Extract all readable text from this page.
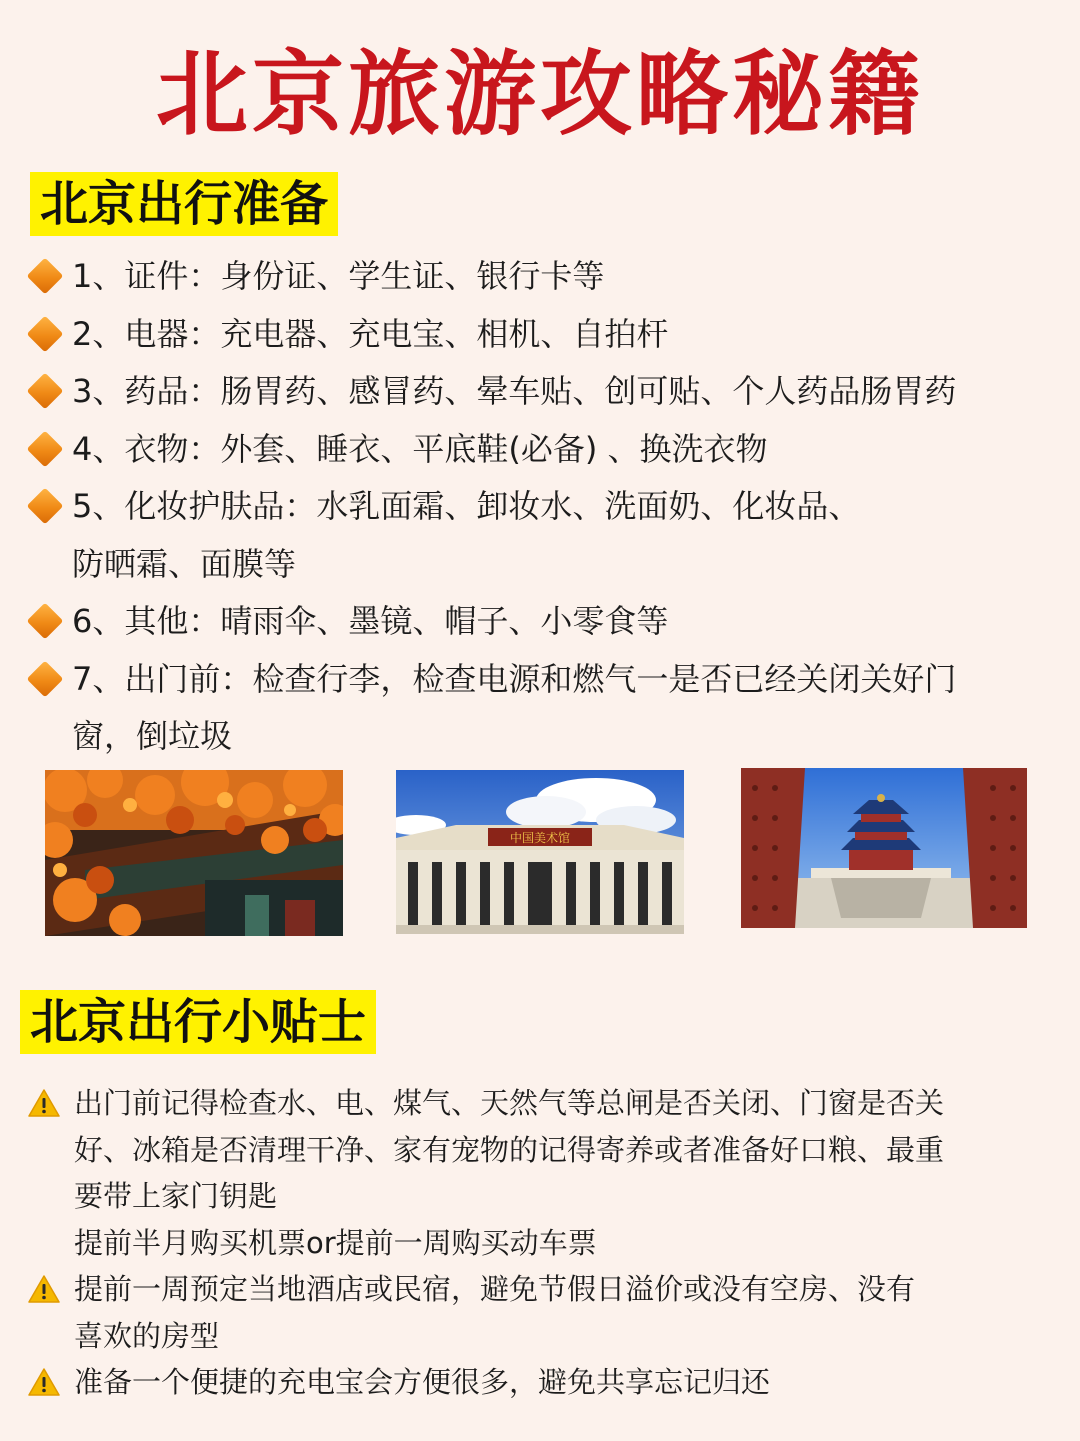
北京旅游攻略秘籍
北京出行准备
1、证件：身份证、学生证、银行卡等
2、电器：充电器、充电宝、相机、自拍杆
3、药品：肠胃药、感冒药、晕车贴、创可贴、个人药品肠胃药
4、衣物：外套、睡衣、平底鞋(必备) 、换洗衣物
5、化妆护肤品：水乳面霜、卸妆水、洗面奶、化妆品、
防晒霜、面膜等
6、其他：晴雨伞、墨镜、帽子、小零食等
7、出门前：检查行李，检查电源和燃气一是否已经关闭关好门
窗，倒垃圾
中国美术馆
北京出行小贴士
出门前记得检查水、电、煤气、天然气等总闸是否关闭、门窗是否关
好、冰箱是否清理干净、家有宠物的记得寄养或者准备好口粮、最重
要带上家门钥匙
提前半月购买机票or提前一周购买动车票
提前一周预定当地酒店或民宿，避免节假日溢价或没有空房、没有
喜欢的房型
准备一个便捷的充电宝会方便很多，避免共享忘记归还
